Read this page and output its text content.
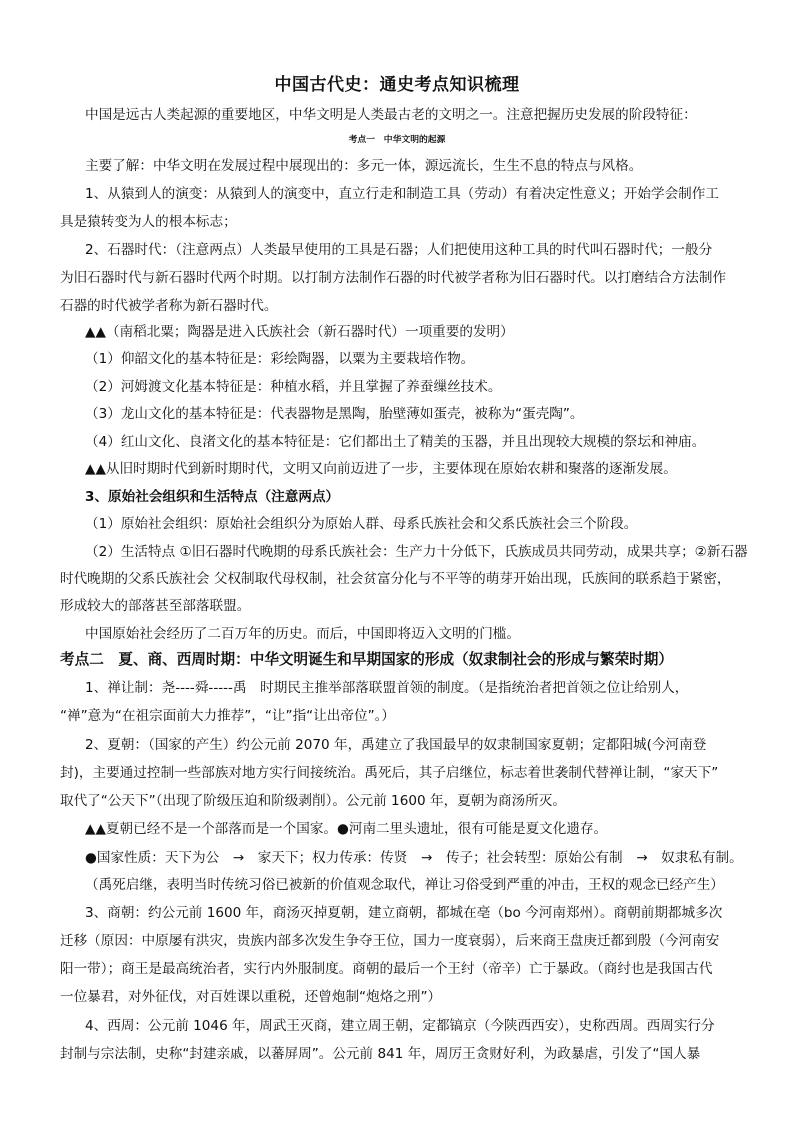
中国古代史：通史考点知识梳理
中国是远古人类起源的重要地区，中华文明是人类最古老的文明之一。注意把握历史发展的阶段特征：
考点一　中华文明的起源
主要了解：中华文明在发展过程中展现出的：多元一体，源远流长，生生不息的特点与风格。
1、从猿到人的演变：从猿到人的演变中，直立行走和制造工具（劳动）有着决定性意义；开始学会制作工
具是猿转变为人的根本标志；
2、石器时代：（注意两点）人类最早使用的工具是石器；人们把使用这种工具的时代叫石器时代；一般分
为旧石器时代与新石器时代两个时期。以打制方法制作石器的时代被学者称为旧石器时代。以打磨结合方法制作
石器的时代被学者称为新石器时代。
▲▲（南稻北粟；陶器是进入氏族社会（新石器时代）一项重要的发明）
（1）仰韶文化的基本特征是：彩绘陶器，以粟为主要栽培作物。
（2）河姆渡文化基本特征是：种植水稻，并且掌握了养蚕缫丝技术。
（3）龙山文化的基本特征是：代表器物是黑陶，胎壁薄如蛋壳，被称为“蛋壳陶”。
（4）红山文化、良渚文化的基本特征是：它们都出土了精美的玉器，并且出现较大规模的祭坛和神庙。
▲▲从旧时期时代到新时期时代，文明又向前迈进了一步，主要体现在原始农耕和聚落的逐渐发展。
3、原始社会组织和生活特点（注意两点）
（1）原始社会组织：原始社会组织分为原始人群、母系氏族社会和父系氏族社会三个阶段。
（2）生活特点 ①旧石器时代晚期的母系氏族社会：生产力十分低下，氏族成员共同劳动，成果共享；②新石器
时代晚期的父系氏族社会 父权制取代母权制，社会贫富分化与不平等的萌芽开始出现，氏族间的联系趋于紧密，
形成较大的部落甚至部落联盟。
中国原始社会经历了二百万年的历史。而后，中国即将迈入文明的门槛。
考点二　夏、商、西周时期：中华文明诞生和早期国家的形成（奴隶制社会的形成与繁荣时期）
1、禅让制：尧----舜-----禹　时期民主推举部落联盟首领的制度。（是指统治者把首领之位让给别人，
“禅”意为“在祖宗面前大力推荐”，“让”指“让出帝位”。）
2、夏朝：（国家的产生）约公元前 2070 年，禹建立了我国最早的奴隶制国家夏朝；定都阳城(今河南登
封)，主要通过控制一些部族对地方实行间接统治。禹死后，其子启继位，标志着世袭制代替禅让制，“家天下”
取代了“公天下”（出现了阶级压迫和阶级剥削）。公元前 1600 年，夏朝为商汤所灭。
▲▲夏朝已经不是一个部落而是一个国家。●河南二里头遗址，很有可能是夏文化遗存。
●国家性质：天下为公　→　家天下；权力传承：传贤　→　传子；社会转型：原始公有制　→　奴隶私有制。
（禹死启继，表明当时传统习俗已被新的价值观念取代，禅让习俗受到严重的冲击，王权的观念已经产生）
3、商朝：约公元前 1600 年，商汤灭掉夏朝，建立商朝，都城在亳（bo 今河南郑州）。商朝前期都城多次
迁移（原因：中原屡有洪灾，贵族内部多次发生争夺王位，国力一度衰弱），后来商王盘庚迁都到殷（今河南安
阳一带）；商王是最高统治者，实行内外服制度。商朝的最后一个王纣（帝辛）亡于暴政。（商纣也是我国古代
一位暴君，对外征伐，对百姓课以重税，还曾炮制“炮烙之刑”）
4、西周：公元前 1046 年，周武王灭商，建立周王朝，定都镐京（今陕西西安），史称西周。西周实行分
封制与宗法制，史称“封建亲戚，以蕃屏周”。公元前 841 年，周厉王贪财好利，为政暴虐，引发了“国人暴
